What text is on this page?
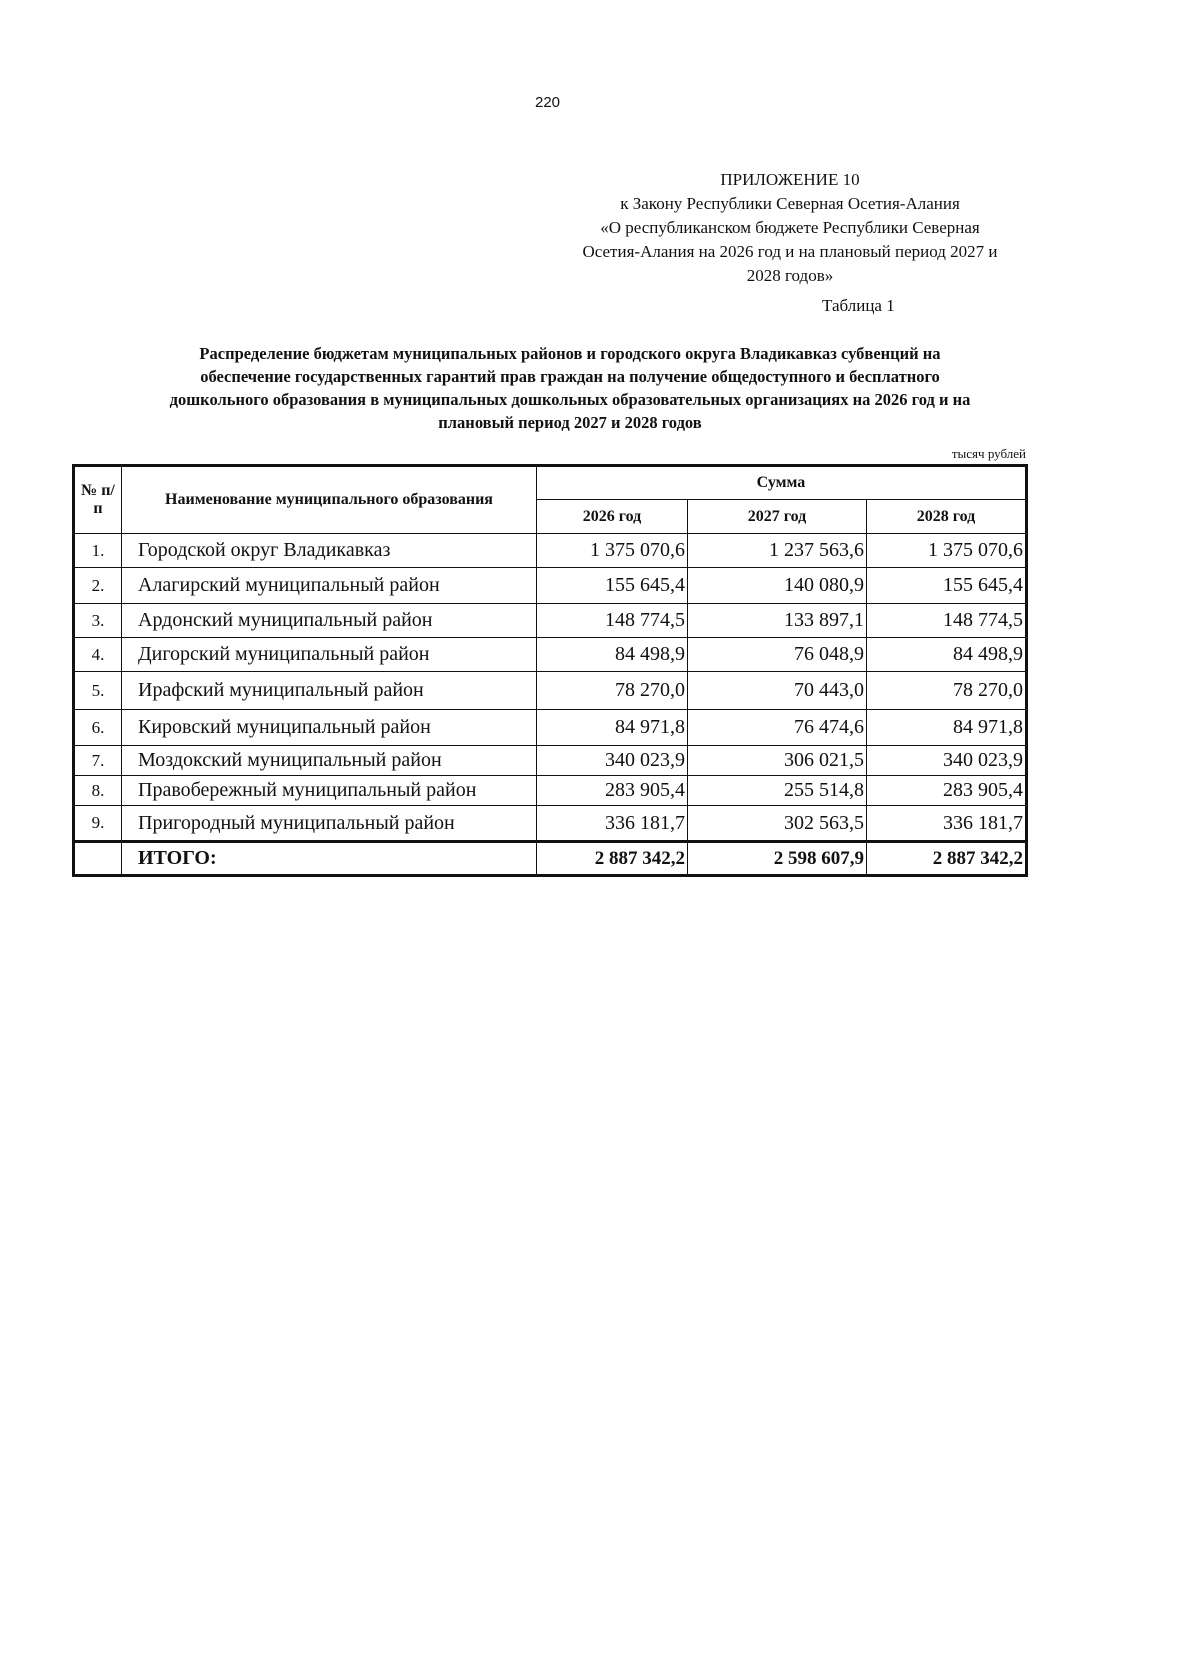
220
ПРИЛОЖЕНИЕ 10
к Закону Республики Северная Осетия-Алания
«О республиканском бюджете Республики Северная
Осетия-Алания на 2026 год и на плановый период 2027 и
2028 годов»
Таблица 1
Распределение бюджетам муниципальных районов и городского округа Владикавказ субвенций на
обеспечение государственных гарантий прав граждан на получение общедоступного и бесплатного
дошкольного образования в муниципальных дошкольных образовательных организациях на 2026 год и на
плановый период 2027 и 2028 годов
тысяч рублей
№ п/п	Наименование муниципального образования	Сумма		
		2026 год	2027 год	2028 год
1.	Городской округ Владикавказ	1 375 070,6	1 237 563,6	1 375 070,6
2.	Алагирский муниципальный район	155 645,4	140 080,9	155 645,4
3.	Ардонский муниципальный район	148 774,5	133 897,1	148 774,5
4.	Дигорский муниципальный район	84 498,9	76 048,9	84 498,9
5.	Ирафский муниципальный район	78 270,0	70 443,0	78 270,0
6.	Кировский муниципальный район	84 971,8	76 474,6	84 971,8
7.	Моздокский муниципальный район	340 023,9	306 021,5	340 023,9
8.	Правобережный муниципальный район	283 905,4	255 514,8	283 905,4
9.	Пригородный муниципальный район	336 181,7	302 563,5	336 181,7
	ИТОГО:	2 887 342,2	2 598 607,9	2 887 342,2
